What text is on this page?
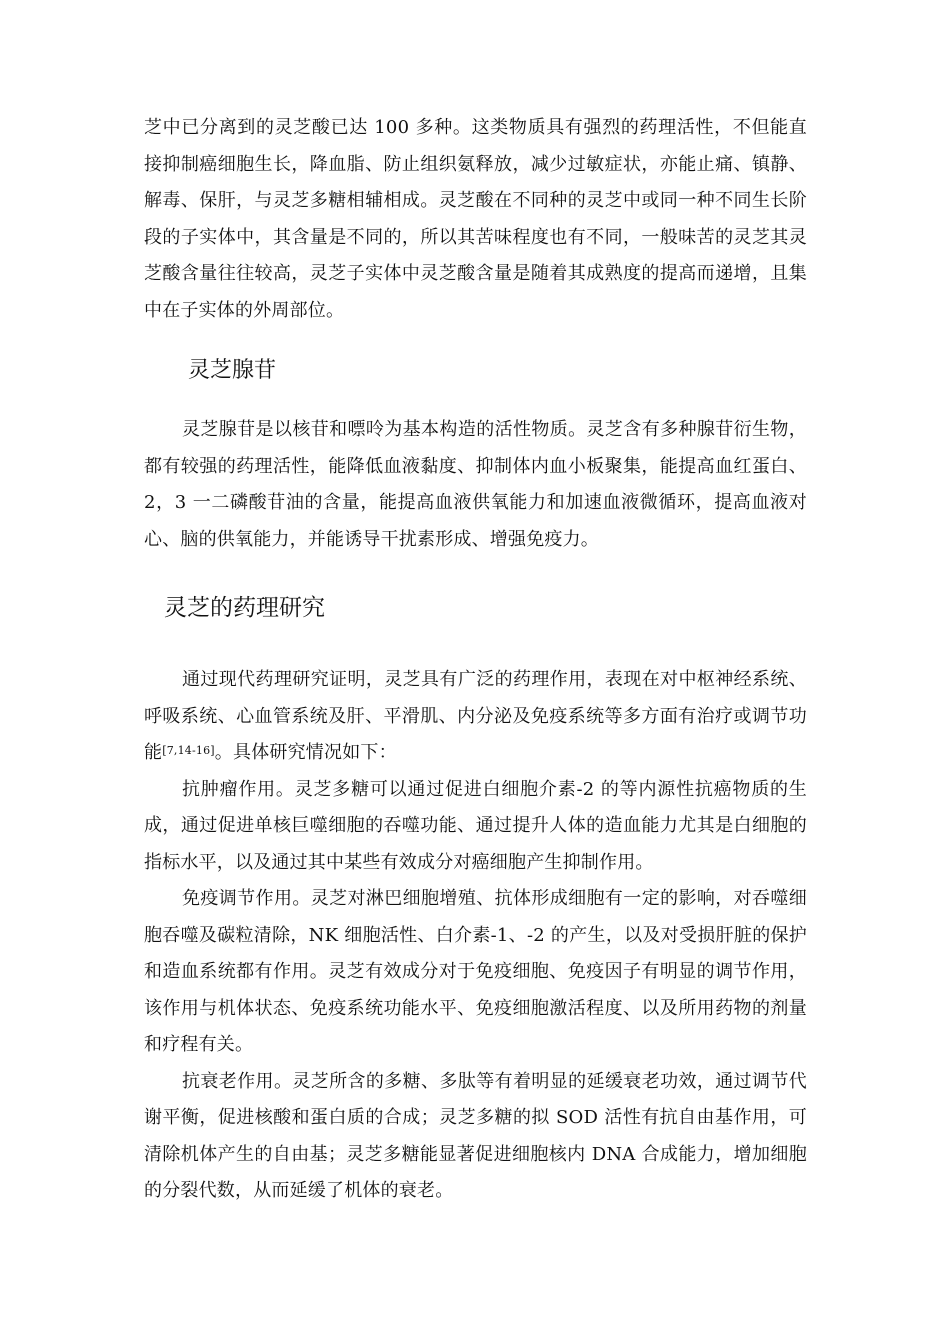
芝中已分离到的灵芝酸已达 100 多种。这类物质具有强烈的药理活性，不但能直接抑制癌细胞生长，降血脂、防止组织氨释放，减少过敏症状，亦能止痛、镇静、解毒、保肝，与灵芝多糖相辅相成。灵芝酸在不同种的灵芝中或同一种不同生长阶段的子实体中，其含量是不同的，所以其苦味程度也有不同，一般味苦的灵芝其灵芝酸含量往往较高，灵芝子实体中灵芝酸含量是随着其成熟度的提高而递增，且集中在子实体的外周部位。

灵芝腺苷

灵芝腺苷是以核苷和嘌呤为基本构造的活性物质。灵芝含有多种腺苷衍生物，都有较强的药理活性，能降低血液黏度、抑制体内血小板聚集，能提高血红蛋白、2，3 一二磷酸苷油的含量，能提高血液供氧能力和加速血液微循环，提高血液对心、脑的供氧能力，并能诱导干扰素形成、增强免疫力。

灵芝的药理研究

通过现代药理研究证明，灵芝具有广泛的药理作用，表现在对中枢神经系统、呼吸系统、心血管系统及肝、平滑肌、内分泌及免疫系统等多方面有治疗或调节功能[7,14-16]。具体研究情况如下：

抗肿瘤作用。灵芝多糖可以通过促进白细胞介素-2 的等内源性抗癌物质的生成，通过促进单核巨噬细胞的吞噬功能、通过提升人体的造血能力尤其是白细胞的指标水平，以及通过其中某些有效成分对癌细胞产生抑制作用。

免疫调节作用。灵芝对淋巴细胞增殖、抗体形成细胞有一定的影响，对吞噬细胞吞噬及碳粒清除，NK 细胞活性、白介素-1、-2 的产生，以及对受损肝脏的保护和造血系统都有作用。灵芝有效成分对于免疫细胞、免疫因子有明显的调节作用，该作用与机体状态、免疫系统功能水平、免疫细胞激活程度、以及所用药物的剂量和疗程有关。

抗衰老作用。灵芝所含的多糖、多肽等有着明显的延缓衰老功效，通过调节代谢平衡，促进核酸和蛋白质的合成；灵芝多糖的拟 SOD 活性有抗自由基作用，可清除机体产生的自由基；灵芝多糖能显著促进细胞核内 DNA 合成能力，增加细胞的分裂代数，从而延缓了机体的衰老。
